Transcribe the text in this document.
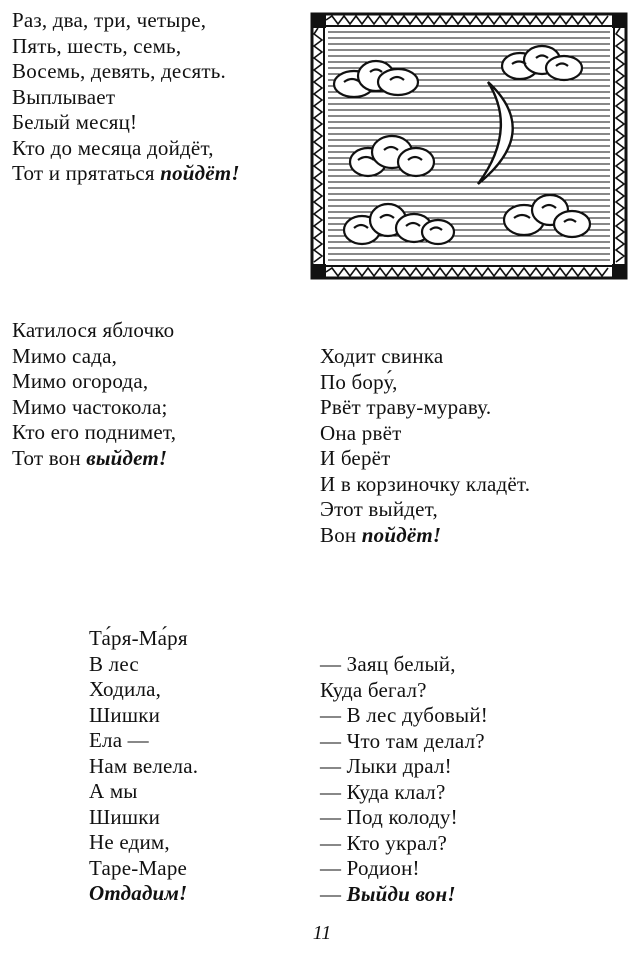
Раз, два, три, четыре,
Пять, шесть, семь,
Восемь, девять, десять.
Выплывает
Белый месяц!
Кто до месяца дойдёт,
Тот и прятаться пойдёт!
Катилося яблочко
Мимо сада,
Мимо огорода,
Мимо частокола;
Кто его поднимет,
Тот вон выйдет!
Ходит свинка
По бору́,
Рвёт траву-мураву.
Она рвёт
И берёт
И в корзиночку кладёт.
Этот выйдет,
Вон пойдёт!
Та́ря-Ма́ря
В лес
Ходила,
Шишки
Ела —
Нам велела.
А мы
Шишки
Не едим,
Таре-Маре
Отдадим!
— Заяц белый,
Куда бегал?
— В лес дубовый!
— Что там делал?
— Лыки драл!
— Куда клал?
— Под колоду!
— Кто украл?
— Родион!
— Выйди вон!
11
